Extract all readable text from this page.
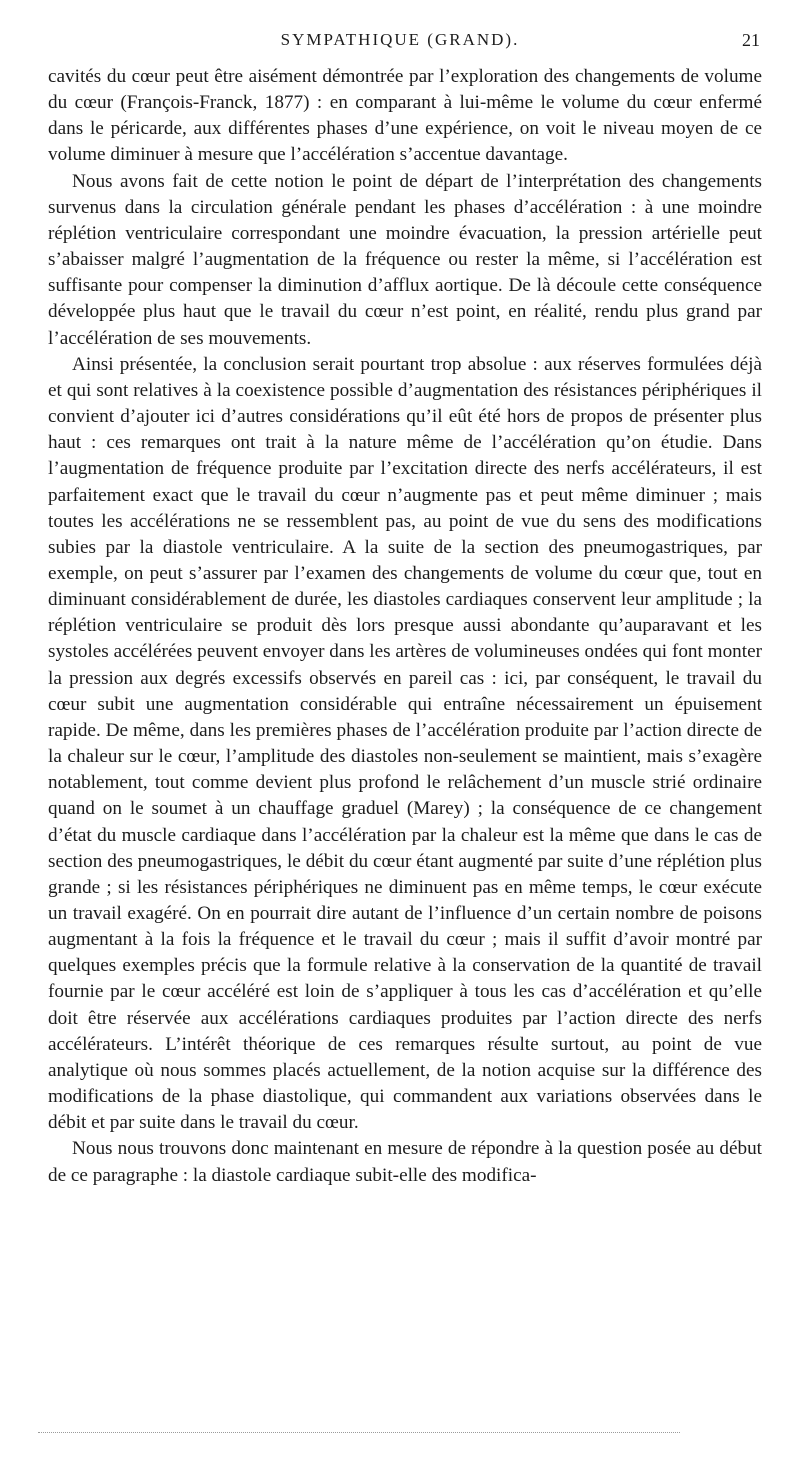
SYMPATHIQUE (GRAND).	21

cavités du cœur peut être aisément démontrée par l’exploration des changements de volume du cœur (François-Franck, 1877) : en comparant à lui-même le volume du cœur enfermé dans le péricarde, aux différentes phases d’une expérience, on voit le niveau moyen de ce volume diminuer à mesure que l’accélération s’accentue davantage.

Nous avons fait de cette notion le point de départ de l’interprétation des changements survenus dans la circulation générale pendant les phases d’accélération : à une moindre réplétion ventriculaire correspondant une moindre évacuation, la pression artérielle peut s’abaisser malgré l’augmentation de la fréquence ou rester la même, si l’accélération est suffisante pour compenser la diminution d’afflux aortique. De là découle cette conséquence développée plus haut que le travail du cœur n’est point, en réalité, rendu plus grand par l’accélération de ses mouvements.

Ainsi présentée, la conclusion serait pourtant trop absolue : aux réserves formulées déjà et qui sont relatives à la coexistence possible d’augmentation des résistances périphériques il convient d’ajouter ici d’autres considérations qu’il eût été hors de propos de présenter plus haut : ces remarques ont trait à la nature même de l’accélération qu’on étudie. Dans l’augmentation de fréquence produite par l’excitation directe des nerfs accélérateurs, il est parfaitement exact que le travail du cœur n’augmente pas et peut même diminuer ; mais toutes les accélérations ne se ressemblent pas, au point de vue du sens des modifications subies par la diastole ventriculaire. A la suite de la section des pneumogastriques, par exemple, on peut s’assurer par l’examen des changements de volume du cœur que, tout en diminuant considérablement de durée, les diastoles cardiaques conservent leur amplitude ; la réplétion ventriculaire se produit dès lors presque aussi abondante qu’auparavant et les systoles accélérées peuvent envoyer dans les artères de volumineuses ondées qui font monter la pression aux degrés excessifs observés en pareil cas : ici, par conséquent, le travail du cœur subit une augmentation considérable qui entraîne nécessairement un épuisement rapide. De même, dans les premières phases de l’accélération produite par l’action directe de la chaleur sur le cœur, l’amplitude des diastoles non-seulement se maintient, mais s’exagère notablement, tout comme devient plus profond le relâchement d’un muscle strié ordinaire quand on le soumet à un chauffage graduel (Marey) ; la conséquence de ce changement d’état du muscle cardiaque dans l’accélération par la chaleur est la même que dans le cas de section des pneumogastriques, le débit du cœur étant augmenté par suite d’une réplétion plus grande ; si les résistances périphériques ne diminuent pas en même temps, le cœur exécute un travail exagéré. On en pourrait dire autant de l’influence d’un certain nombre de poisons augmentant à la fois la fréquence et le travail du cœur ; mais il suffit d’avoir montré par quelques exemples précis que la formule relative à la conservation de la quantité de travail fournie par le cœur accéléré est loin de s’appliquer à tous les cas d’accélération et qu’elle doit être réservée aux accélérations cardiaques produites par l’action directe des nerfs accélérateurs. L’intérêt théorique de ces remarques résulte surtout, au point de vue analytique où nous sommes placés actuellement, de la notion acquise sur la différence des modifications de la phase diastolique, qui commandent aux variations observées dans le débit et par suite dans le travail du cœur.

Nous nous trouvons donc maintenant en mesure de répondre à la question posée au début de ce paragraphe : la diastole cardiaque subit-elle des modifica-
